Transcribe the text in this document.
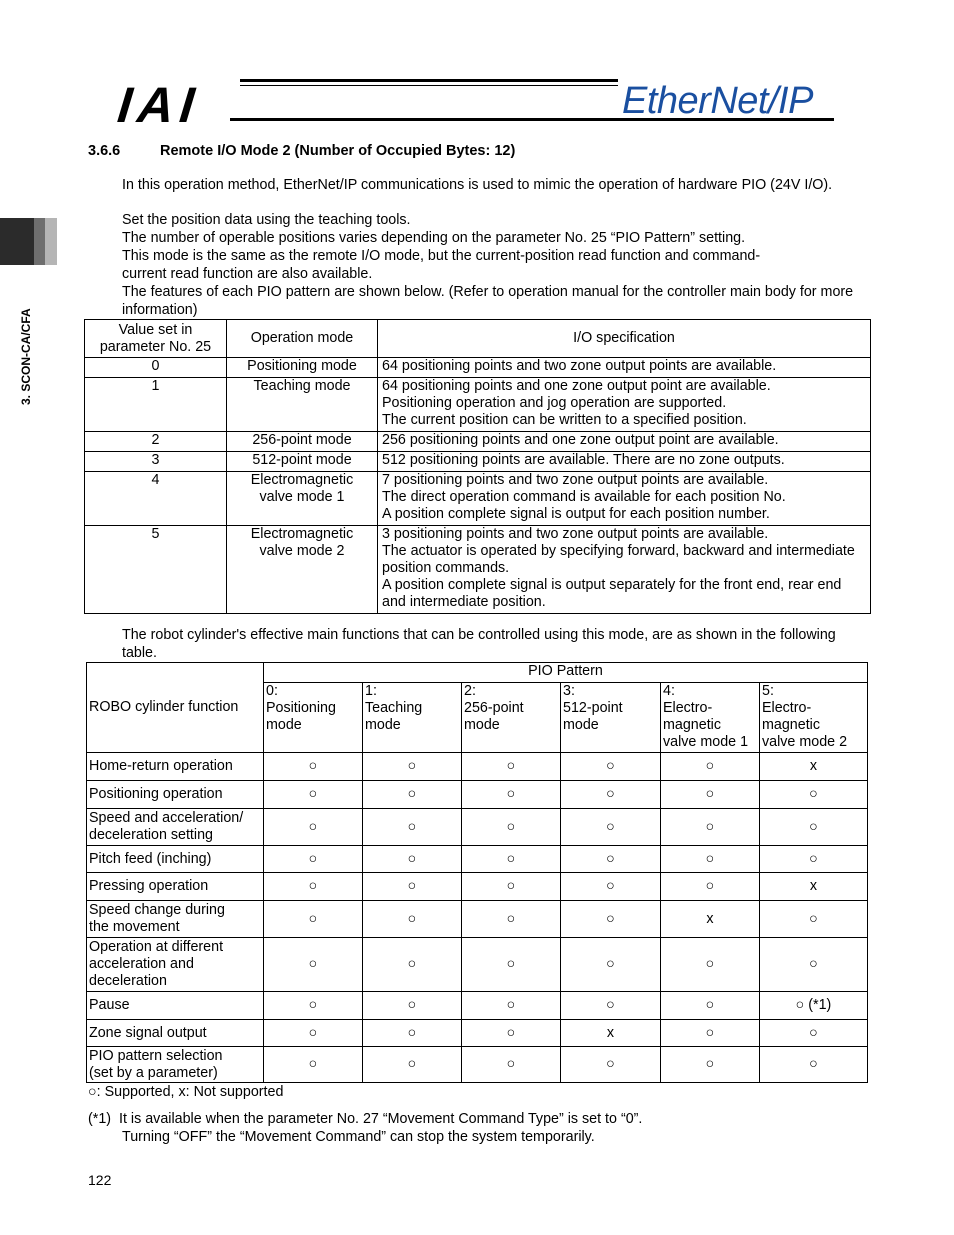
IAI	EtherNet/IP
3. SCON-CA/CFA
3.6.6	Remote I/O Mode 2 (Number of Occupied Bytes: 12)
In this operation method, EtherNet/IP communications is used to mimic the operation of hardware PIO (24V I/O).
Set the position data using the teaching tools.
The number of operable positions varies depending on the parameter No. 25 “PIO Pattern” setting.
This mode is the same as the remote I/O mode, but the current-position read function and command-current read function are also available.
The features of each PIO pattern are shown below. (Refer to operation manual for the controller main body for more information)
Value set in parameter No. 25	Operation mode	I/O specification
0	Positioning mode	64 positioning points and two zone output points are available.

1	Teaching mode	64 positioning points and one zone output point are available.
Positioning operation and jog operation are supported.
The current position can be written to a specified position.

2	256-point mode	256 positioning points and one zone output point are available.

3	512-point mode	512 positioning points are available. There are no zone outputs.

4	Electromagnetic valve mode 1	7 positioning points and two zone output points are available.
The direct operation command is available for each position No.
A position complete signal is output for each position number.

5	Electromagnetic valve mode 2	3 positioning points and two zone output points are available.
The actuator is operated by specifying forward, backward and intermediate position commands.
A position complete signal is output separately for the front end, rear end and intermediate position.
The robot cylinder's effective main functions that can be controlled using this mode, are as shown in the following table.
ROBO cylinder function	PIO Pattern					
	0:
Positioning
mode	1:
Teaching
mode	2:
256-point
mode	3:
512-point
mode	4:
Electro-
magnetic
valve mode 1	5:
Electro-
magnetic
valve mode 2
Home-return operation	○	○	○	○	○	x
Positioning operation	○	○	○	○	○	○
Speed and acceleration/
deceleration setting	○	○	○	○	○	○
Pitch feed (inching)	○	○	○	○	○	○
Pressing operation	○	○	○	○	○	x
Speed change during
the movement	○	○	○	○	x	○
Operation at different
acceleration and
deceleration	○	○	○	○	○	○
Pause	○	○	○	○	○	○ (*1)
Zone signal output	○	○	○	x	○	○
PIO pattern selection
(set by a parameter)	○	○	○	○	○	○
○: Supported, x: Not supported
(*1) It is available when the parameter No. 27 “Movement Command Type” is set to “0”.
Turning “OFF” the “Movement Command” can stop the system temporarily.
122
